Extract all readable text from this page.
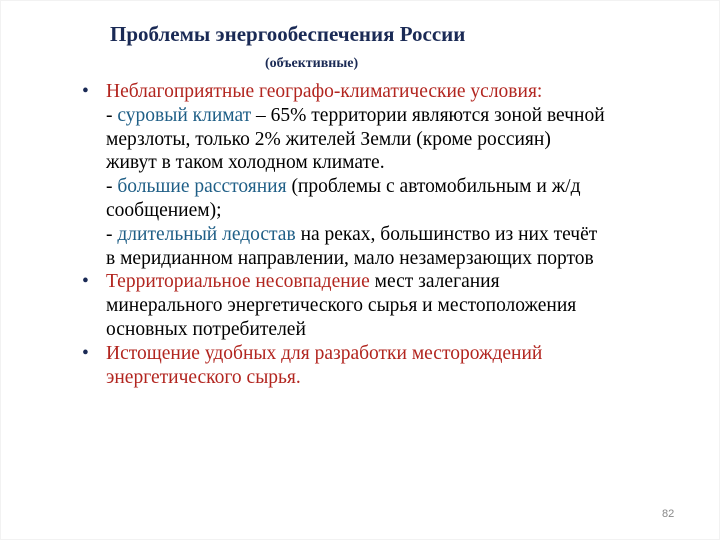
Проблемы энергообеспечения России
(объективные)
• Неблагоприятные географо-климатические условия:
- суровый климат – 65% территории являются зоной вечной
мерзлоты, только 2% жителей Земли (кроме россиян)
живут в таком холодном климате.
- большие расстояния (проблемы с автомобильным и ж/д
сообщением);
- длительный ледостав на реках, большинство из них течёт
в меридианном направлении, мало незамерзающих портов
• Территориальное несовпадение мест залегания
минерального энергетического сырья и местоположения
основных потребителей
• Истощение удобных для разработки месторождений
энергетического сырья.
82
